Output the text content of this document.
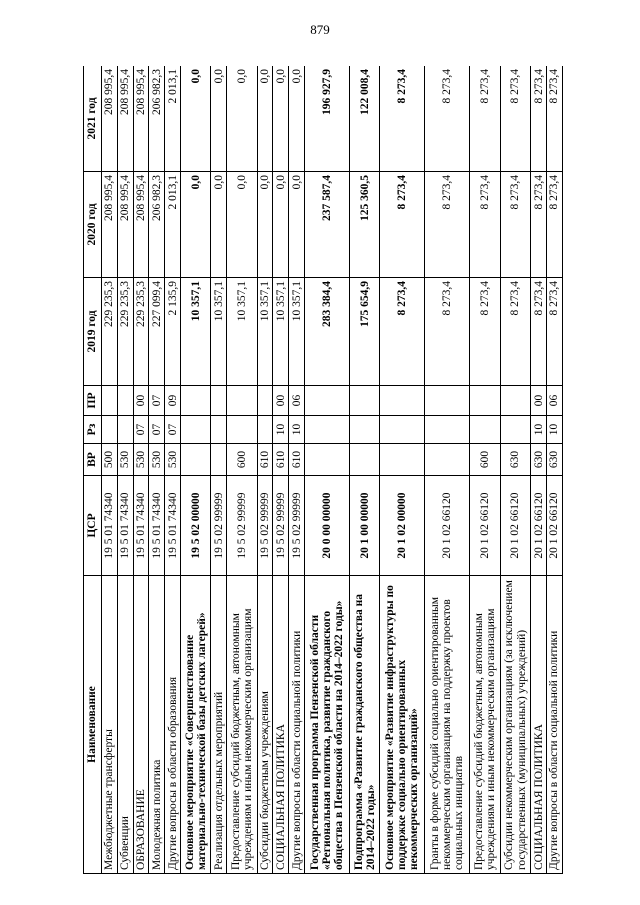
879
Наименование	ЦСР	ВР	Рз	ПР	2019 год	2020 год	2021 год
Межбюджетные трансферты	19 5 01 74340	500			229 235,3	208 995,4	208 995,4
Субвенции	19 5 01 74340	530			229 235,3	208 995,4	208 995,4
ОБРАЗОВАНИЕ	19 5 01 74340	530	07	00	229 235,3	208 995,4	208 995,4
Молодежная политика	19 5 01 74340	530	07	07	227 099,4	206 982,3	206 982,3
Другие вопросы в области образования	19 5 01 74340	530	07	09	2 135,9	2 013,1	2 013,1
Основное мероприятие «Совершенствование материально-технической базы детских лагерей»	19 5 02 00000				10 357,1	0,0	0,0
Реализация отдельных мероприятий	19 5 02 99999				10 357,1	0,0	0,0
Предоставление субсидий бюджетным, автономным учреждениям и иным некоммерческим организациям	19 5 02 99999	600			10 357,1	0,0	0,0
Субсидии бюджетным учреждениям	19 5 02 99999	610			10 357,1	0,0	0,0
СОЦИАЛЬНАЯ ПОЛИТИКА	19 5 02 99999	610	10	00	10 357,1	0,0	0,0
Другие вопросы в области социальной политики	19 5 02 99999	610	10	06	10 357,1	0,0	0,0
Государственная программа Пензенской области «Региональная политика, развитие гражданского общества в Пензенской области на 2014–2022 годы»	20 0 00 00000				283 384,4	237 587,4	196 927,9
Подпрограмма «Развитие гражданского общества на 2014–2022 годы»	20 1 00 00000				175 654,9	125 360,5	122 008,4
Основное мероприятие «Развитие инфраструктуры по поддержке социально ориентированных некоммерческих организаций»	20 1 02 00000				8 273,4	8 273,4	8 273,4
Гранты в форме субсидий социально ориентированным некоммерческим организациям на поддержку проектов социальных инициатив	20 1 02 66120				8 273,4	8 273,4	8 273,4
Предоставление субсидий бюджетным, автономным учреждениям и иным некоммерческим организациям	20 1 02 66120	600			8 273,4	8 273,4	8 273,4
Субсидии некоммерческим организациям (за исключением государственных (муниципальных) учреждений)	20 1 02 66120	630			8 273,4	8 273,4	8 273,4
СОЦИАЛЬНАЯ ПОЛИТИКА	20 1 02 66120	630	10	00	8 273,4	8 273,4	8 273,4
Другие вопросы в области социальной политики	20 1 02 66120	630	10	06	8 273,4	8 273,4	8 273,4
